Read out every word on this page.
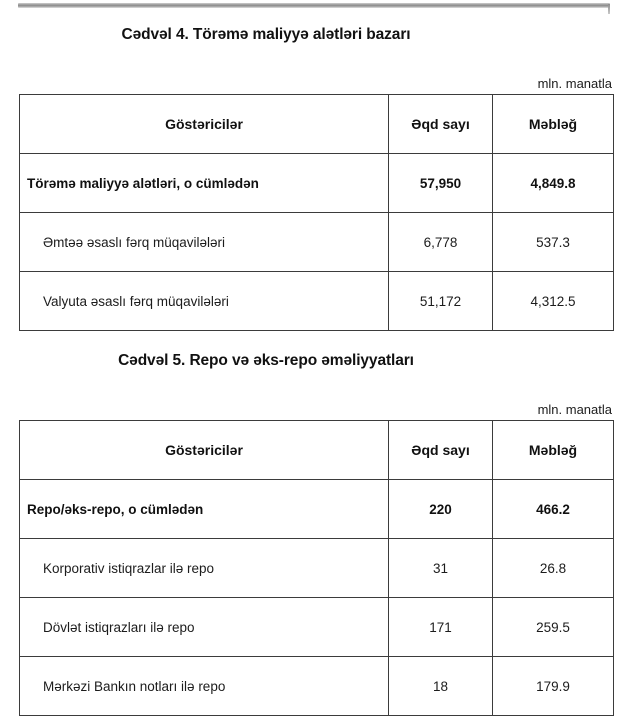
Cədvəl 4. Törəmə maliyyə alətləri bazarı
mln. manatla
Göstəricilər	Əqd sayı	Məbləğ
Törəmə maliyyə alətləri, o cümlədən	57,950	4,849.8
Əmtəə əsaslı fərq müqavilələri	6,778	537.3
Valyuta əsaslı fərq müqavilələri	51,172	4,312.5
Cədvəl 5. Repo və əks-repo əməliyyatları
mln. manatla
Göstəricilər	Əqd sayı	Məbləğ
Repo/əks-repo, o cümlədən	220	466.2
Korporativ istiqrazlar ilə repo	31	26.8
Dövlət istiqrazları ilə repo	171	259.5
Mərkəzi Bankın notları ilə repo	18	179.9
